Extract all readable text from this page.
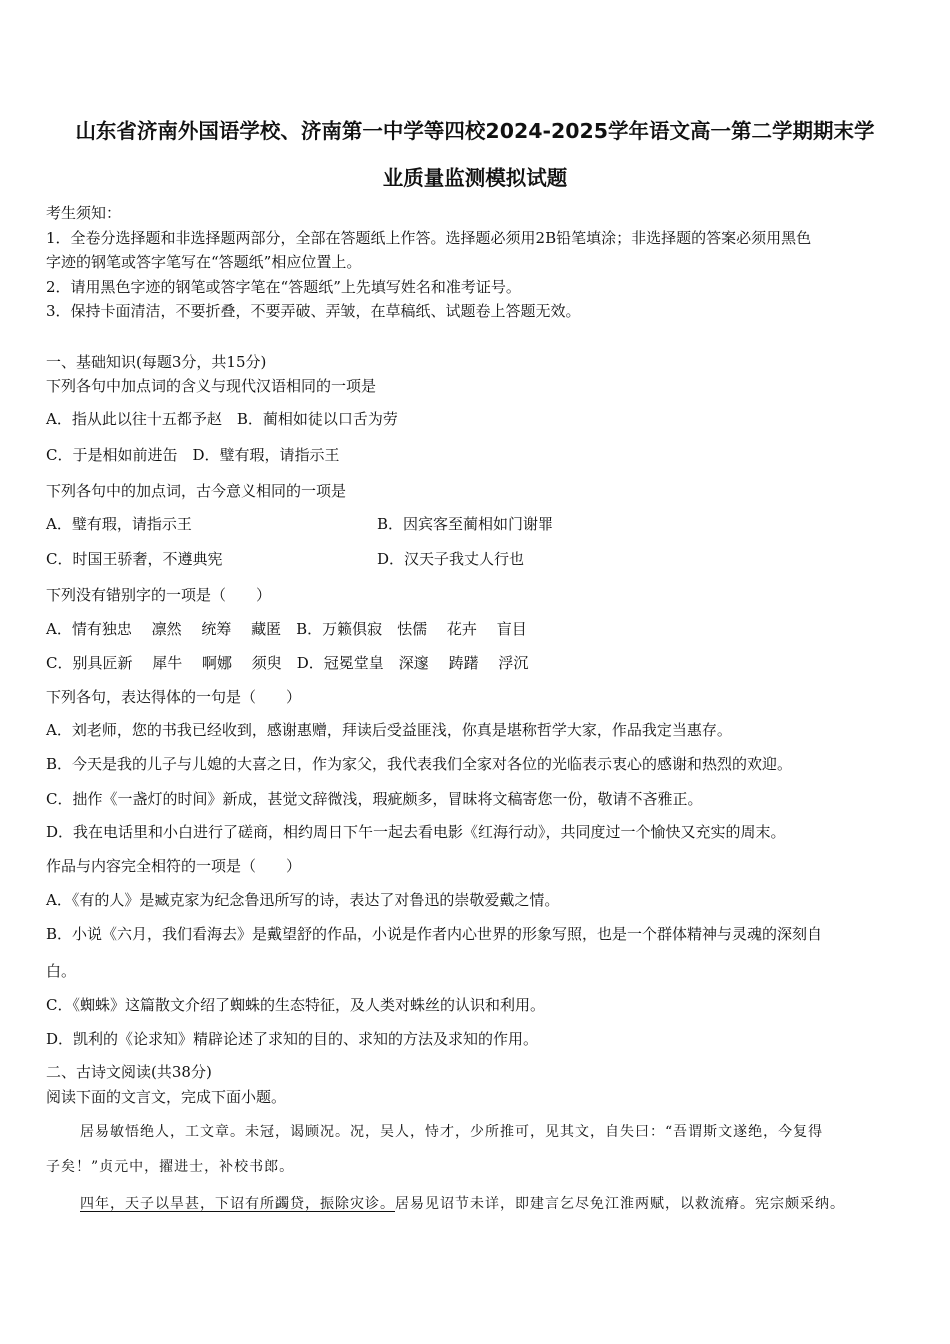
山东省济南外国语学校、济南第一中学等四校2024-2025学年语文高一第二学期期末学
业质量监测模拟试题
考生须知：
1．全卷分选择题和非选择题两部分，全部在答题纸上作答。选择题必须用2B铅笔填涂；非选择题的答案必须用黑色
字迹的钢笔或答字笔写在“答题纸”相应位置上。
2．请用黑色字迹的钢笔或答字笔在“答题纸”上先填写姓名和准考证号。
3．保持卡面清洁，不要折叠，不要弄破、弄皱，在草稿纸、试题卷上答题无效。
一、基础知识(每题3分，共15分)
下列各句中加点词的含义与现代汉语相同的一项是
A．指从此以往十五都予赵　B．蔺相如徒以口舌为劳
C．于是相如前进缶　D．璧有瑕，请指示王
下列各句中的加点词，古今意义相同的一项是
A．璧有瑕，请指示王	B．因宾客至蔺相如门谢罪
C．时国王骄奢，不遵典宪	D．汉天子我丈人行也
下列没有错别字的一项是（　　）
A．情有独忠　 凛然　 统筹　 藏匿　B．万籁俱寂　怯儒　 花卉　 盲目
C．别具匠新　 犀牛　 啊娜　 须臾　D．冠冕堂皇　深邃　 踌躇　 浮沉
下列各句，表达得体的一句是（　　）
A．刘老师，您的书我已经收到，感谢惠赠，拜读后受益匪浅，你真是堪称哲学大家，作品我定当惠存。
B．今天是我的儿子与儿媳的大喜之日，作为家父，我代表我们全家对各位的光临表示衷心的感谢和热烈的欢迎。
C．拙作《一盏灯的时间》新成，甚觉文辞微浅，瑕疵颇多，冒昧将文稿寄您一份，敬请不吝雅正。
D．我在电话里和小白进行了磋商，相约周日下午一起去看电影《红海行动》，共同度过一个愉快又充实的周末。
作品与内容完全相符的一项是（　　）
A．《有的人》是臧克家为纪念鲁迅所写的诗，表达了对鲁迅的崇敬爱戴之情。
B．小说《六月，我们看海去》是戴望舒的作品，小说是作者内心世界的形象写照，也是一个群体精神与灵魂的深刻自
白。
C．《蜘蛛》这篇散文介绍了蜘蛛的生态特征，及人类对蛛丝的认识和利用。
D．凯利的《论求知》精辟论述了求知的目的、求知的方法及求知的作用。
二、古诗文阅读(共38分)
阅读下面的文言文，完成下面小题。
居易敏悟绝人，工文章。未冠，谒顾况。况，吴人，恃才，少所推可，见其文，自失曰：“吾谓斯文遂绝，今复得
子矣！”贞元中，擢进士，补校书郎。
四年，天子以旱甚，下诏有所蠲贷，振除灾诊。居易见诏节未详，即建言乞尽免江淮两赋，以救流瘠。宪宗颇采纳。
